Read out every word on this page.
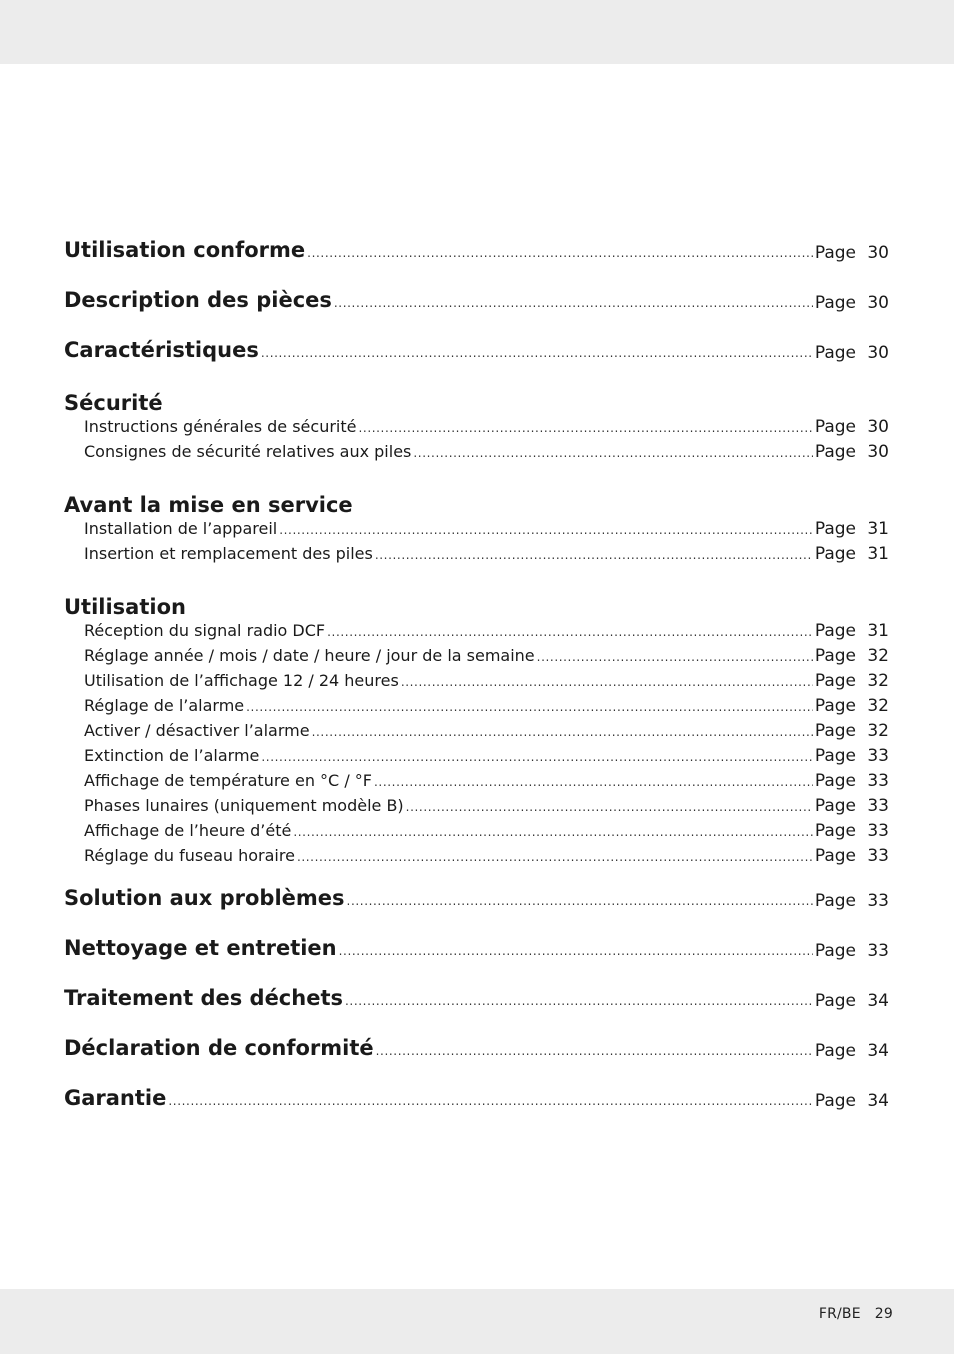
Utilisation conforme .....	Page 30
Description des pièces .....	Page 30
Caractéristiques .....	Page 30
Sécurité
Instructions générales de sécurité .....	Page 30
Consignes de sécurité relatives aux piles .....	Page 30
Avant la mise en service
Installation de l’appareil .....	Page 31
Insertion et remplacement des piles .....	Page 31
Utilisation
Réception du signal radio DCF .....	Page 31
Réglage année / mois / date / heure / jour de la semaine .....	Page 32
Utilisation de l’affichage 12 / 24 heures .....	Page 32
Réglage de l’alarme .....	Page 32
Activer / désactiver l’alarme .....	Page 32
Extinction de l’alarme .....	Page 33
Affichage de température en °C / °F .....	Page 33
Phases lunaires (uniquement modèle B) .....	Page 33
Affichage de l’heure d’été .....	Page 33
Réglage du fuseau horaire .....	Page 33
Solution aux problèmes .....	Page 33
Nettoyage et entretien .....	Page 33
Traitement des déchets .....	Page 34
Déclaration de conformité .....	Page 34
Garantie .....	Page 34
FR/BE 29
